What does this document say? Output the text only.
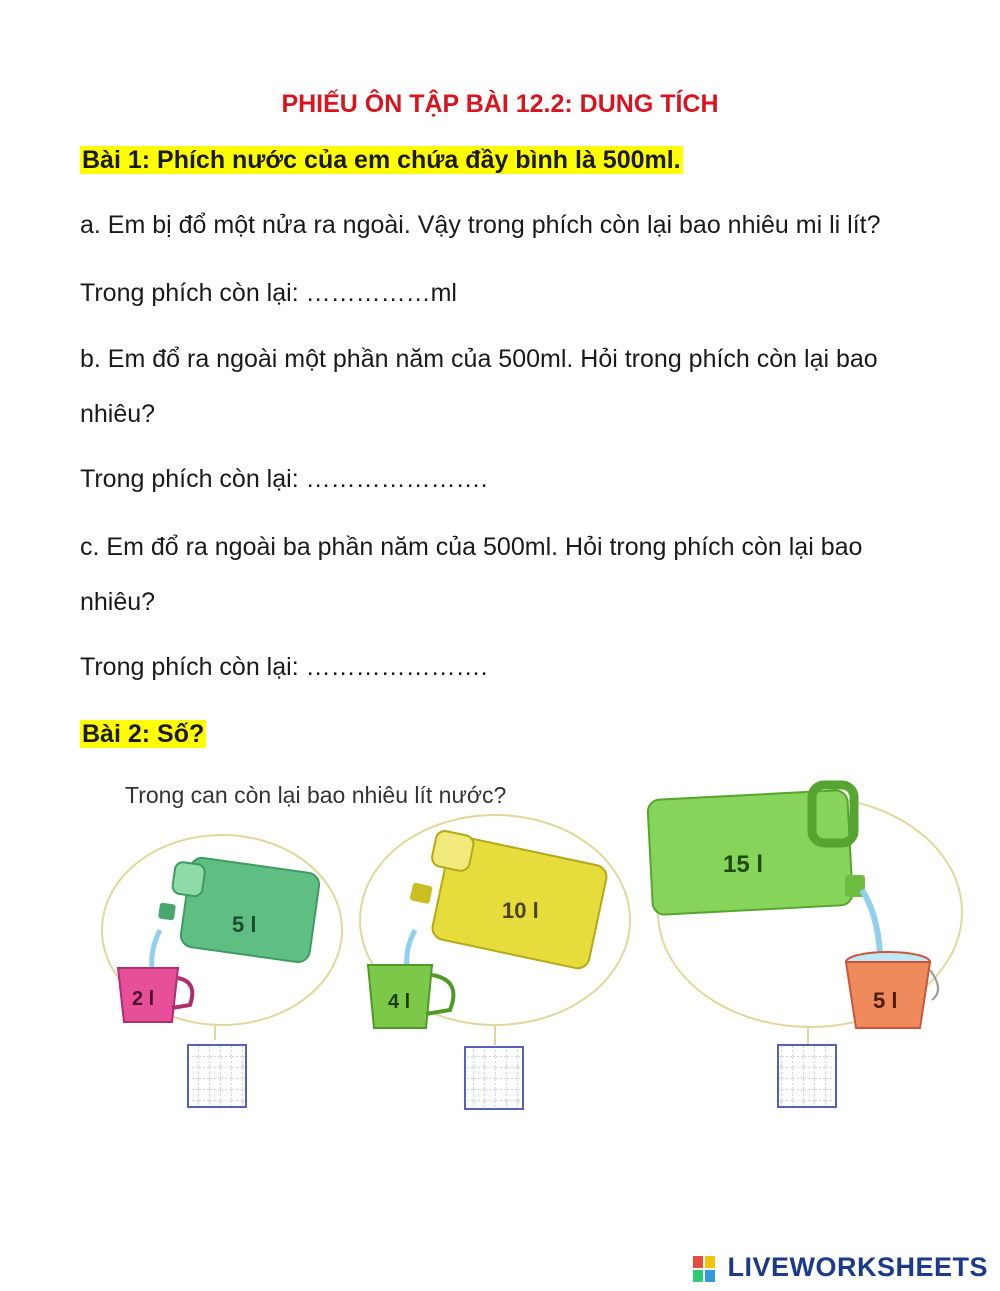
PHIẾU ÔN TẬP BÀI 12.2: DUNG TÍCH
Bài 1: Phích nước của em chứa đầy bình là 500ml.
a. Em bị đổ một nửa ra ngoài. Vậy trong phích còn lại bao nhiêu mi li lít?
Trong phích còn lại: ……………ml
b. Em đổ ra ngoài một phần năm của 500ml. Hỏi trong phích còn lại bao
nhiêu?
Trong phích còn lại: ………………….
c. Em đổ ra ngoài ba phần năm của 500ml. Hỏi trong phích còn lại bao
nhiêu?
Trong phích còn lại: ………………….
Bài 2: Số?
Trong can còn lại bao nhiêu lít nước?
5 l
2 l
10 l
4 l
15 l
5 l
LIVEWORKSHEETS
